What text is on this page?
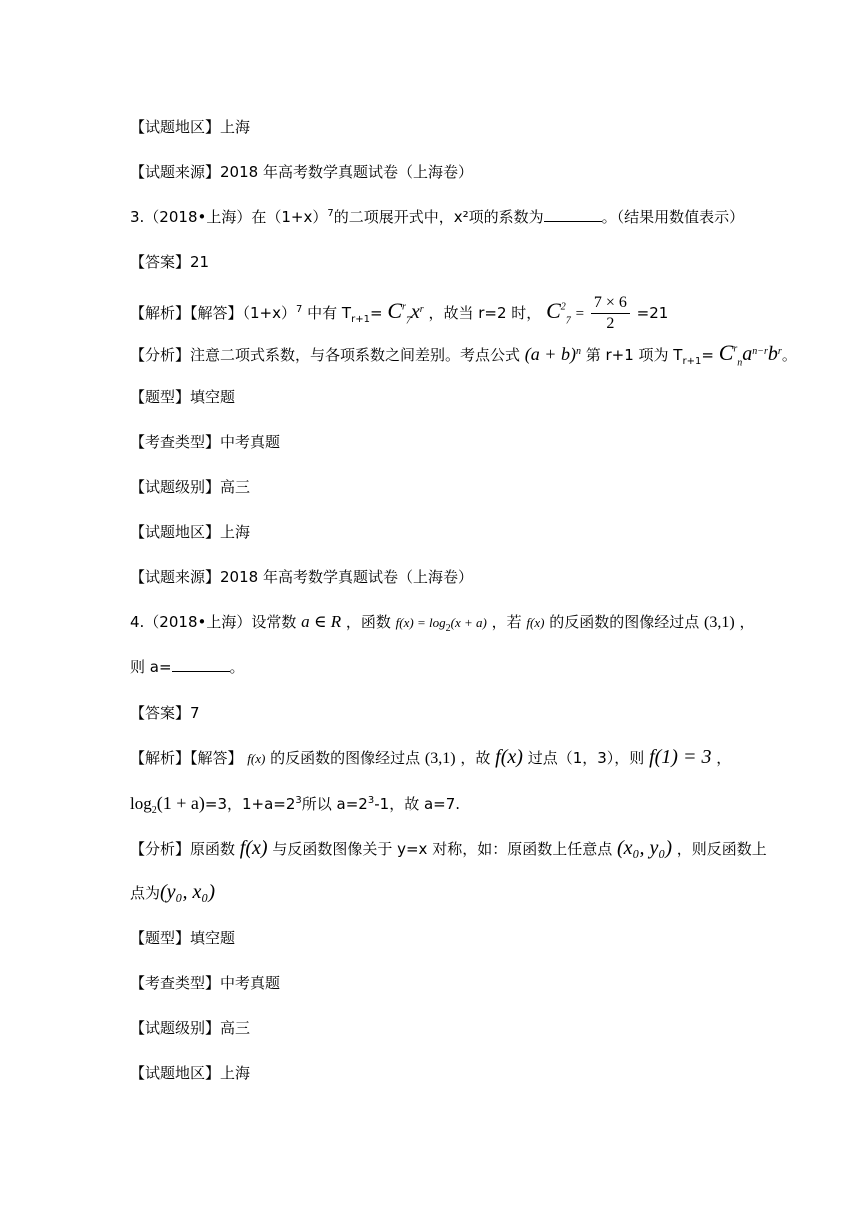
【试题地区】上海
【试题来源】2018 年高考数学真题试卷（上海卷）
3.（2018•上海）在$(1+x)^7$的二项展开式中，x²项的系数为	。（结果用数值表示）
【答案】21
【解析】【解答】$(1+x)^7$ 中有 $T_{r+1}= C^r_7x^r$ ，故当 r=2 时， $C^2_7 = \frac{7 \times 6}{2} =21$
【分析】注意二项式系数，与各项系数之间差别。考点公式 $(a + b)^n$ 第 r+1 项为 $T_{r+1}= C^r_na^{n-r}b^r$。
【题型】填空题
【考查类型】中考真题
【试题级别】高三
【试题地区】上海
【试题来源】2018 年高考数学真题试卷（上海卷）
4.（2018•上海）设常数 a ∈ R ，函数 $f(x) = \log_2(x + a)$ ，若 f(x) 的反函数的图像经过点 (3,1) ，
则 a=	。
【答案】7
【解析】【解答】 f(x) 的反函数的图像经过点 (3,1) ，故 f(x) 过点（1，3），则 f(1) = 3 ，
$\log_2(1 + a)=3$，$1+a=2^3$所以 $a=2^3-1$，故 a=7.
【分析】原函数 f(x) 与反函数图像关于 y=x 对称，如：原函数上任意点 (x₀, y₀) ，则反函数上
点为(y₀, x₀)
【题型】填空题
【考查类型】中考真题
【试题级别】高三
【试题地区】上海
